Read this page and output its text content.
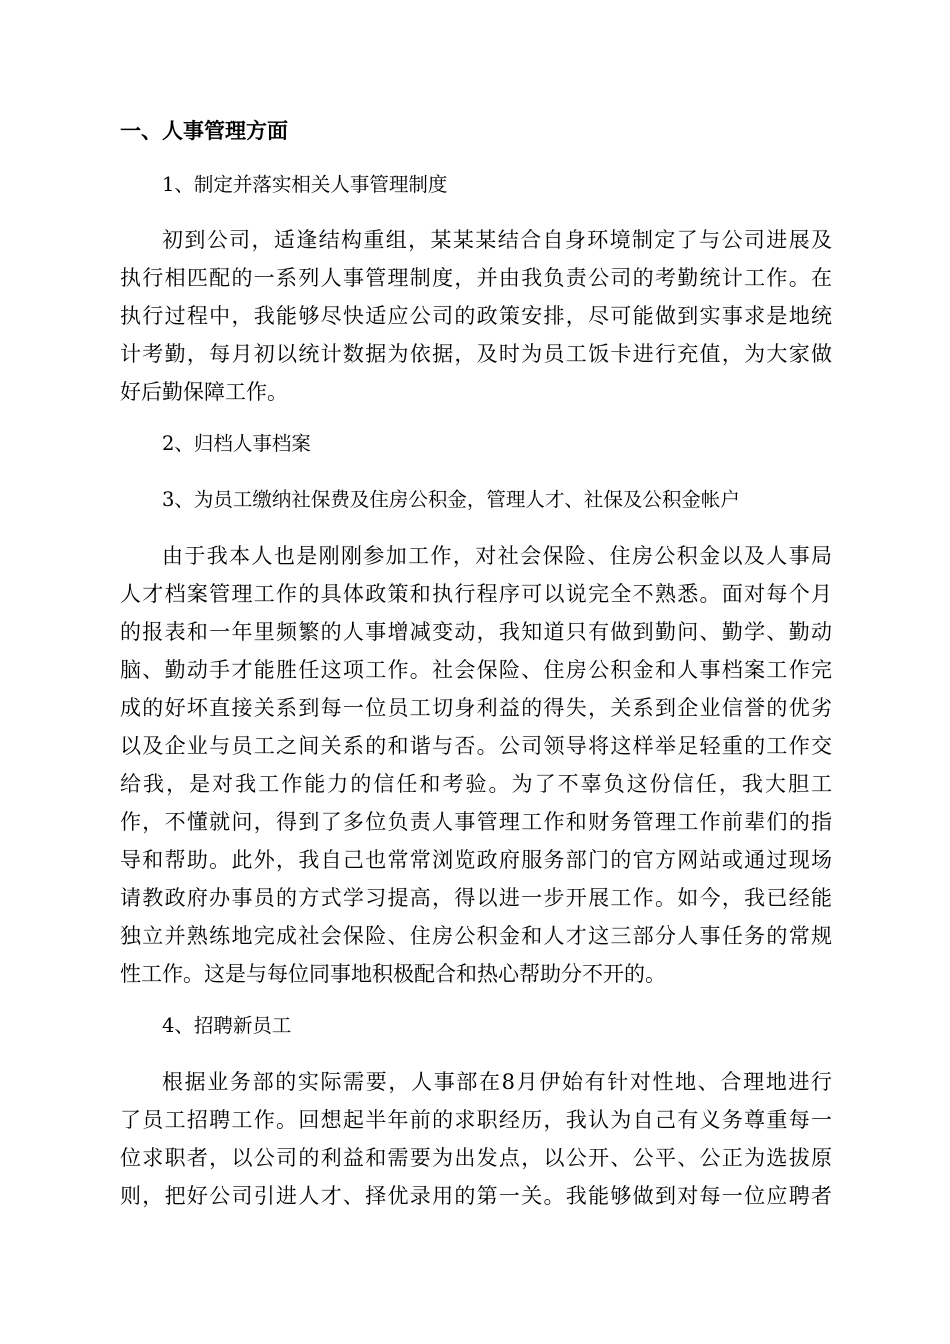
一、人事管理方面

1、制定并落实相关人事管理制度

初到公司，适逢结构重组，某某某结合自身环境制定了与公司进展及

执行相匹配的一系列人事管理制度，并由我负责公司的考勤统计工作。在

执行过程中，我能够尽快适应公司的政策安排，尽可能做到实事求是地统

计考勤，每月初以统计数据为依据，及时为员工饭卡进行充值，为大家做

好后勤保障工作。

2、归档人事档案

3、为员工缴纳社保费及住房公积金，管理人才、社保及公积金帐户

由于我本人也是刚刚参加工作，对社会保险、住房公积金以及人事局

人才档案管理工作的具体政策和执行程序可以说完全不熟悉。面对每个月

的报表和一年里频繁的人事增减变动，我知道只有做到勤问、勤学、勤动

脑、勤动手才能胜任这项工作。社会保险、住房公积金和人事档案工作完

成的好坏直接关系到每一位员工切身利益的得失，关系到企业信誉的优劣

以及企业与员工之间关系的和谐与否。公司领导将这样举足轻重的工作交

给我，是对我工作能力的信任和考验。为了不辜负这份信任，我大胆工

作，不懂就问，得到了多位负责人事管理工作和财务管理工作前辈们的指

导和帮助。此外，我自己也常常浏览政府服务部门的官方网站或通过现场

请教政府办事员的方式学习提高，得以进一步开展工作。如今，我已经能

独立并熟练地完成社会保险、住房公积金和人才这三部分人事任务的常规

性工作。这是与每位同事地积极配合和热心帮助分不开的。

4、招聘新员工

根据业务部的实际需要，人事部在8月伊始有针对性地、合理地进行

了员工招聘工作。回想起半年前的求职经历，我认为自己有义务尊重每一

位求职者，以公司的利益和需要为出发点，以公开、公平、公正为选拔原

则，把好公司引进人才、择优录用的第一关。我能够做到对每一位应聘者
